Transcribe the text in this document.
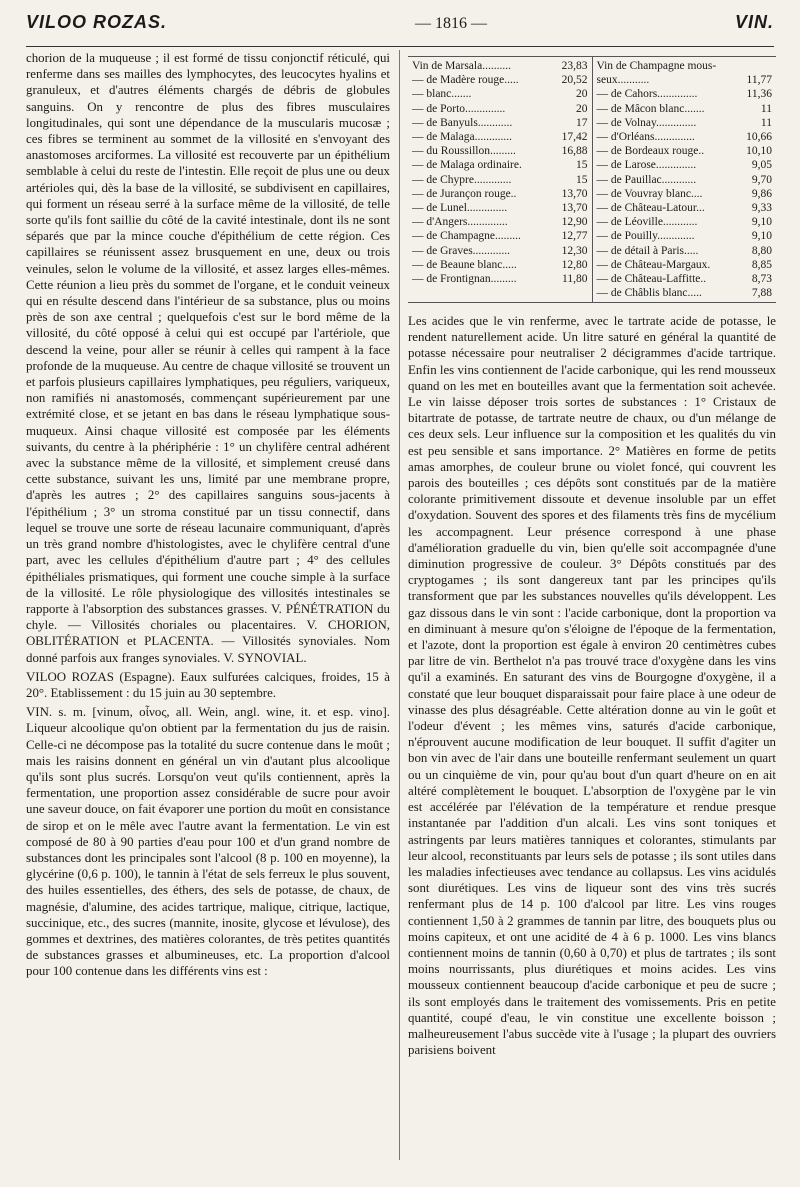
VILOO ROZAS.	— 1816 —	VIN.

chorion de la muqueuse ; il est formé de tissu conjonctif réticulé, qui renferme dans ses mailles des lymphocytes, des leucocytes hyalins et granuleux, et d'autres éléments chargés de débris de globules sanguins. On y rencontre de plus des fibres musculaires longitudinales, qui sont une dépendance de la muscularis mucosæ ; ces fibres se terminent au sommet de la villosité en s'envoyant des anastomoses arciformes. La villosité est recouverte par un épithélium semblable à celui du reste de l'intestin. Elle reçoit de plus une ou deux artérioles qui, dès la base de la villosité, se subdivisent en capillaires, qui forment un réseau serré à la surface même de la villosité, de telle sorte qu'ils font saillie du côté de la cavité intestinale, dont ils ne sont séparés que par la mince couche d'épithélium de cette région. Ces capillaires se réunissent assez brusquement en une, deux ou trois veinules, selon le volume de la villosité, et assez larges elles-mêmes. Cette réunion a lieu près du sommet de l'organe, et le conduit veineux qui en résulte descend dans l'intérieur de sa substance, plus ou moins près de son axe central ; quelquefois c'est sur le bord même de la villosité, du côté opposé à celui qui est occupé par l'artériole, que descend la veine, pour aller se réunir à celles qui rampent à la face profonde de la muqueuse. Au centre de chaque villosité se trouvent un et parfois plusieurs capillaires lymphatiques, peu réguliers, variqueux, non ramifiés ni anastomosés, commençant supérieurement par une extrémité close, et se jetant en bas dans le réseau lymphatique sous-muqueux. Ainsi chaque villosité est composée par les éléments suivants, du centre à la phériphérie : 1° un chylifère central adhérent avec la substance même de la villosité, et simplement creusé dans cette substance, suivant les uns, limité par une membrane propre, d'après les autres ; 2° des capillaires sanguins sous-jacents à l'épithélium ; 3° un stroma constitué par un tissu connectif, dans lequel se trouve une sorte de réseau lacunaire communiquant, d'après un très grand nombre d'histologistes, avec le chylifère central d'une part, avec les cellules d'épithélium d'autre part ; 4° des cellules épithéliales prismatiques, qui forment une couche simple à la surface de la villosité. Le rôle physiologique des villosités intestinales se rapporte à l'absorption des substances grasses. V. PÉNÉTRATION du chyle. — Villosités choriales ou placentaires. V. CHORION, OBLITÉRATION et PLACENTA. — Villosités synoviales. Nom donné parfois aux franges synoviales. V. SYNOVIAL.

VILOO ROZAS (Espagne). Eaux sulfurées calciques, froides, 15 à 20°. Etablissement : du 15 juin au 30 septembre.

VIN. s. m. [vinum, οἶνος, all. Wein, angl. wine, it. et esp. vino]. Liqueur alcoolique qu'on obtient par la fermentation du jus de raisin. Celle-ci ne décompose pas la totalité du sucre contenue dans le moût ; mais les raisins donnent en général un vin d'autant plus alcoolique qu'ils sont plus sucrés. Lorsqu'on veut qu'ils contiennent, après la fermentation, une proportion assez considérable de sucre pour avoir une saveur douce, on fait évaporer une portion du moût en consistance de sirop et on le mêle avec l'autre avant la fermentation. Le vin est composé de 80 à 90 parties d'eau pour 100 et d'un grand nombre de substances dont les principales sont l'alcool (8 p. 100 en moyenne), la glycérine (0,6 p. 100), le tannin à l'état de sels ferreux le plus souvent, des huiles essentielles, des éthers, des sels de potasse, de chaux, de magnésie, d'alumine, des acides tartrique, malique, citrique, lactique, succinique, etc., des sucres (mannite, inosite, glycose et lévulose), des gommes et dextrines, des matières colorantes, de très petites quantités de substances grasses et albumineuses, etc. La proportion d'alcool pour 100 contenue dans les différents vins est :

Vin de Marsala..........	23,83
— de Madère rouge.....	20,52
— blanc.......	20
— de Porto..............	20
— de Banyuls............	17
— de Malaga.............	17,42
— du Roussillon.........	16,88
— de Malaga ordinaire.	15
— de Chypre.............	15
— de Jurançon rouge..	13,70
— de Lunel..............	13,70
— d'Angers..............	12,90
— de Champagne.........	12,77
— de Graves.............	12,30
— de Beaune blanc.....	12,80
— de Frontignan.........	11,80
Vin de Champagne mous-
seux...........	11,77
— de Cahors..............	11,36
— de Mâcon blanc.......	11
— de Volnay..............	11
— d'Orléans..............	10,66
— de Bordeaux rouge..	10,10
— de Larose..............	9,05
— de Pauillac............	9,70
— de Vouvray blanc....	9,86
— de Château-Latour...	9,33
— de Léoville............	9,10
— de Pouilly.............	9,10
— de détail à Paris.....	8,80
— de Château-Margaux.	8,85
— de Château-Laffitte..	8,73
— de Châblis blanc.....	7,88

Les acides que le vin renferme, avec le tartrate acide de potasse, le rendent naturellement acide. Un litre saturé en général la quantité de potasse nécessaire pour neutraliser 2 décigrammes d'acide tartrique. Enfin les vins contiennent de l'acide carbonique, qui les rend mousseux quand on les met en bouteilles avant que la fermentation soit achevée. Le vin laisse déposer trois sortes de substances : 1° Cristaux de bitartrate de potasse, de tartrate neutre de chaux, ou d'un mélange de ces deux sels. Leur influence sur la composition et les qualités du vin est peu sensible et sans importance. 2° Matières en forme de petits amas amorphes, de couleur brune ou violet foncé, qui couvrent les parois des bouteilles ; ces dépôts sont constitués par de la matière colorante primitivement dissoute et devenue insoluble par un effet d'oxydation. Souvent des spores et des filaments très fins de mycélium les accompagnent. Leur présence correspond à une phase d'amélioration graduelle du vin, bien qu'elle soit accompagnée d'une diminution progressive de couleur. 3° Dépôts constitués par des cryptogames ; ils sont dangereux tant par les principes qu'ils transforment que par les substances nouvelles qu'ils développent. Les gaz dissous dans le vin sont : l'acide carbonique, dont la proportion va en diminuant à mesure qu'on s'éloigne de l'époque de la fermentation, et l'azote, dont la proportion est égale à environ 20 centimètres cubes par litre de vin. Berthelot n'a pas trouvé trace d'oxygène dans les vins qu'il a examinés. En saturant des vins de Bourgogne d'oxygène, il a constaté que leur bouquet disparaissait pour faire place à une odeur de vinasse des plus désagréable. Cette altération donne au vin le goût et l'odeur d'évent ; les mêmes vins, saturés d'acide carbonique, n'éprouvent aucune modification de leur bouquet. Il suffit d'agiter un bon vin avec de l'air dans une bouteille renfermant seulement un quart ou un cinquième de vin, pour qu'au bout d'un quart d'heure on en ait altéré complètement le bouquet. L'absorption de l'oxygène par le vin est accélérée par l'élévation de la température et rendue presque instantanée par l'addition d'un alcali. Les vins sont toniques et astringents par leurs matières tanniques et colorantes, stimulants par leur alcool, reconstituants par leurs sels de potasse ; ils sont utiles dans les maladies infectieuses avec tendance au collapsus. Les vins acidulés sont diurétiques. Les vins de liqueur sont des vins très sucrés renfermant plus de 14 p. 100 d'alcool par litre. Les vins rouges contiennent 1,50 à 2 grammes de tannin par litre, des bouquets plus ou moins capiteux, et ont une acidité de 4 à 6 p. 1000. Les vins blancs contiennent moins de tannin (0,60 à 0,70) et plus de tartrates ; ils sont moins nourrissants, plus diurétiques et moins acides. Les vins mousseux contiennent beaucoup d'acide carbonique et peu de sucre ; ils sont employés dans le traitement des vomissements. Pris en petite quantité, coupé d'eau, le vin constitue une excellente boisson ; malheureusement l'abus succède vite à l'usage ; la plupart des ouvriers parisiens boivent
